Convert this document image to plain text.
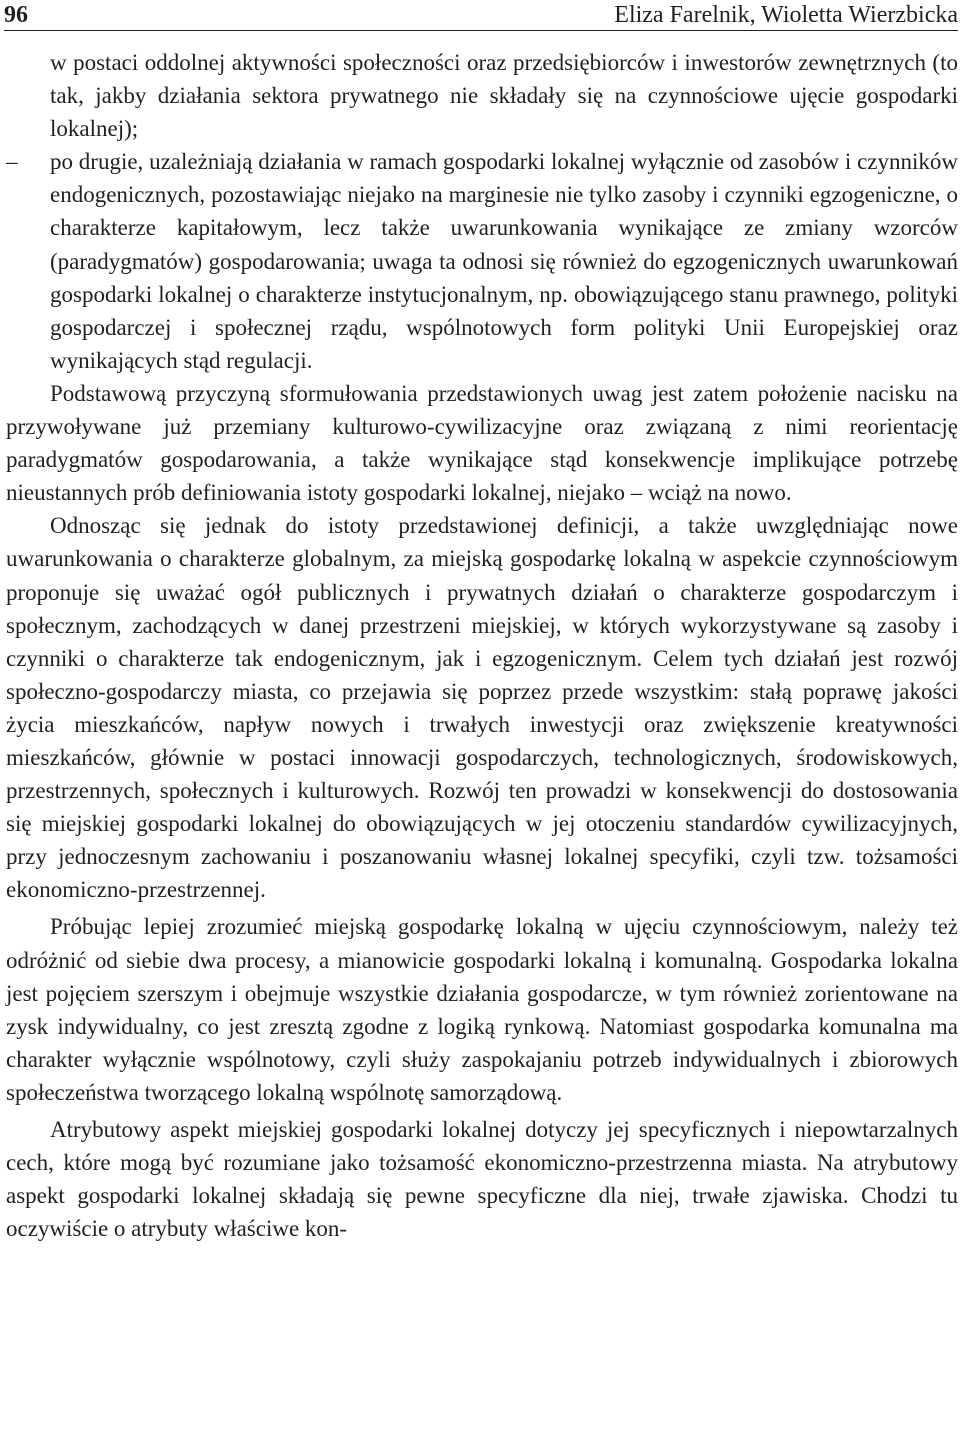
96	Eliza Farelnik, Wioletta Wierzbicka

w postaci oddolnej aktywności społeczności oraz przedsiębiorców i inwestorów zewnętrznych (to tak, jakby działania sektora prywatnego nie składały się na czynnościowe ujęcie gospodarki lokalnej);

– po drugie, uzależniają działania w ramach gospodarki lokalnej wyłącznie od zasobów i czynników endogenicznych, pozostawiając niejako na marginesie nie tylko zasoby i czynniki egzogeniczne, o charakterze kapitałowym, lecz także uwarunkowania wynikające ze zmiany wzorców (paradygmatów) gospodarowania; uwaga ta odnosi się również do egzogenicznych uwarunkowań gospodarki lokalnej o charakterze instytucjonalnym, np. obowiązującego stanu prawnego, polityki gospodarczej i społecznej rządu, wspólnotowych form polityki Unii Europejskiej oraz wynikających stąd regulacji.

Podstawową przyczyną sformułowania przedstawionych uwag jest zatem położenie nacisku na przywoływane już przemiany kulturowo-cywilizacyjne oraz związaną z nimi reorientację paradygmatów gospodarowania, a także wynikające stąd konsekwencje implikujące potrzebę nieustannych prób definiowania istoty gospodarki lokalnej, niejako – wciąż na nowo.

Odnosząc się jednak do istoty przedstawionej definicji, a także uwzględniając nowe uwarunkowania o charakterze globalnym, za miejską gospodarkę lokalną w aspekcie czynnościowym proponuje się uważać ogół publicznych i prywatnych działań o charakterze gospodarczym i społecznym, zachodzących w danej przestrzeni miejskiej, w których wykorzystywane są zasoby i czynniki o charakterze tak endogenicznym, jak i egzogenicznym. Celem tych działań jest rozwój społeczno-gospodarczy miasta, co przejawia się poprzez przede wszystkim: stałą poprawę jakości życia mieszkańców, napływ nowych i trwałych inwestycji oraz zwiększenie kreatywności mieszkańców, głównie w postaci innowacji gospodarczych, technologicznych, środowiskowych, przestrzennych, społecznych i kulturowych. Rozwój ten prowadzi w konsekwencji do dostosowania się miejskiej gospodarki lokalnej do obowiązujących w jej otoczeniu standardów cywilizacyjnych, przy jednoczesnym zachowaniu i poszanowaniu własnej lokalnej specyfiki, czyli tzw. tożsamości ekonomiczno-przestrzennej.

Próbując lepiej zrozumieć miejską gospodarkę lokalną w ujęciu czynnościowym, należy też odróżnić od siebie dwa procesy, a mianowicie gospodarki lokalną i komunalną. Gospodarka lokalna jest pojęciem szerszym i obejmuje wszystkie działania gospodarcze, w tym również zorientowane na zysk indywidualny, co jest zresztą zgodne z logiką rynkową. Natomiast gospodarka komunalna ma charakter wyłącznie wspólnotowy, czyli służy zaspokajaniu potrzeb indywidualnych i zbiorowych społeczeństwa tworzącego lokalną wspólnotę samorządową.

Atrybutowy aspekt miejskiej gospodarki lokalnej dotyczy jej specyficznych i niepowtarzalnych cech, które mogą być rozumiane jako tożsamość ekonomiczno-przestrzenna miasta. Na atrybutowy aspekt gospodarki lokalnej składają się pewne specyficzne dla niej, trwałe zjawiska. Chodzi tu oczywiście o atrybuty właściwe kon-
